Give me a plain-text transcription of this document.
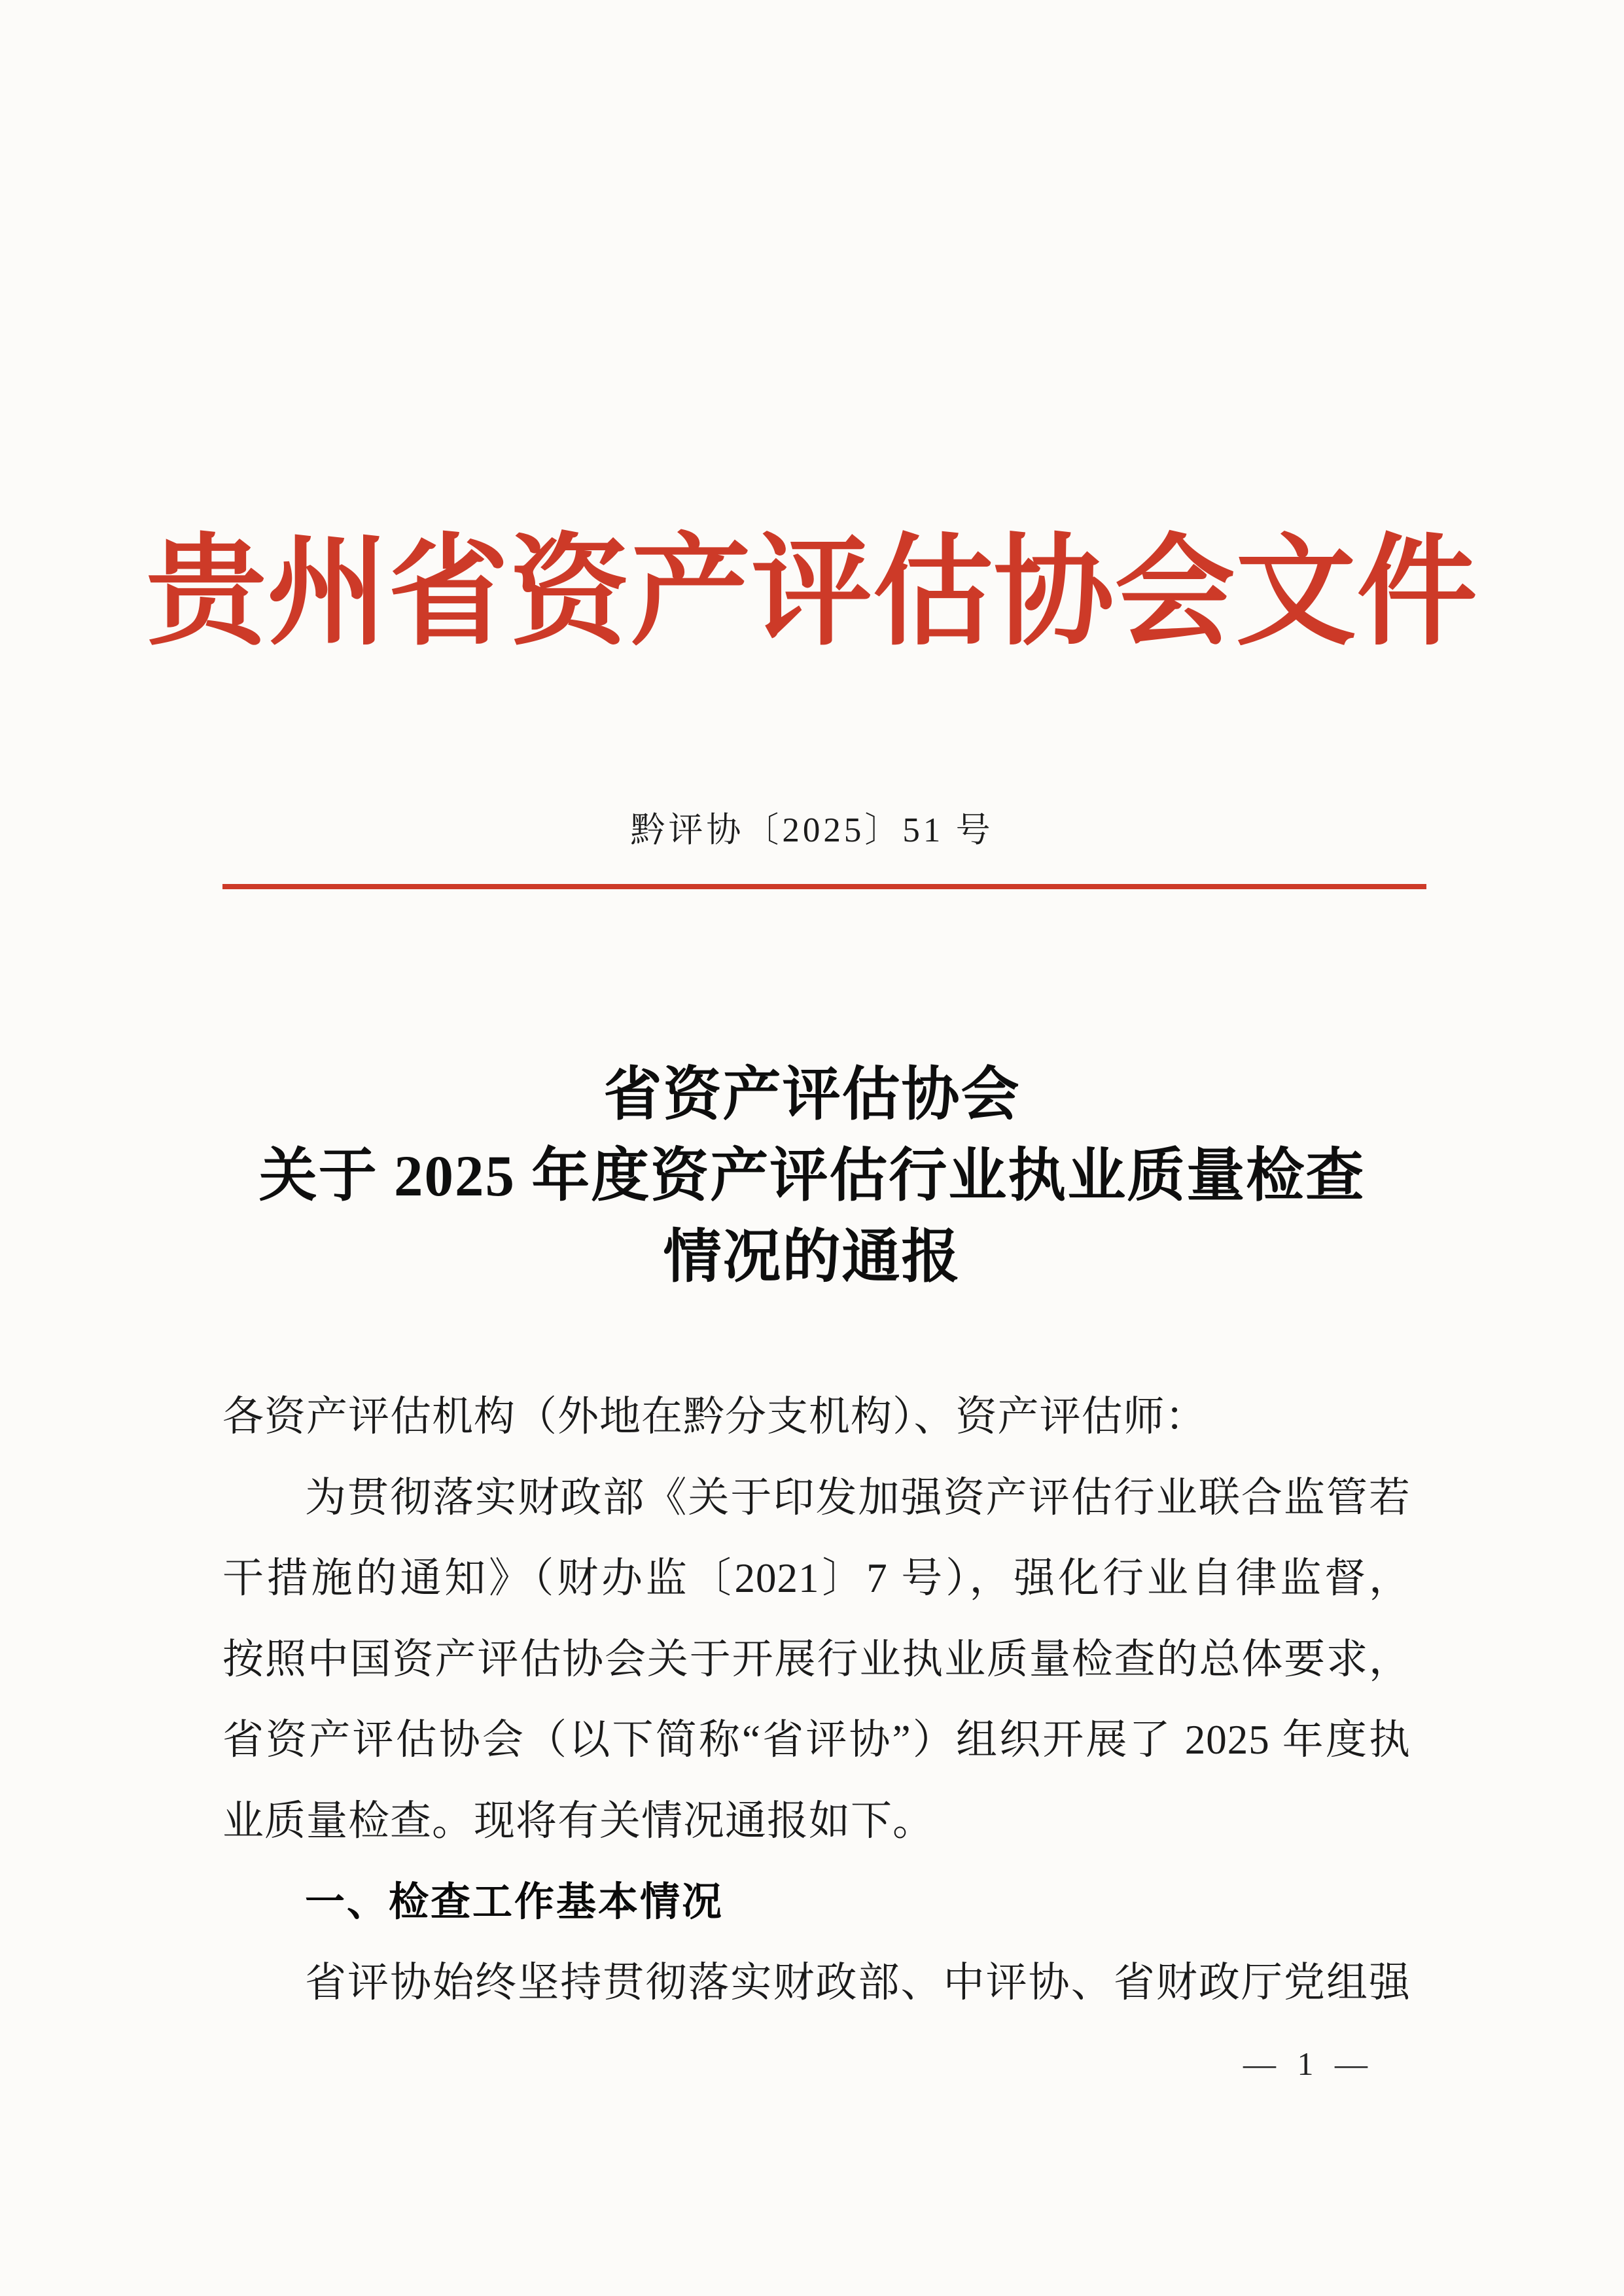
贵州省资产评估协会文件
黔评协〔2025〕51 号
省资产评估协会
关于 2025 年度资产评估行业执业质量检查
情况的通报
各资产评估机构（外地在黔分支机构）、资产评估师：
为贯彻落实财政部《关于印发加强资产评估行业联合监管若
干措施的通知》（财办监〔2021〕7 号），强化行业自律监督，
按照中国资产评估协会关于开展行业执业质量检查的总体要求，
省资产评估协会（以下简称“省评协”）组织开展了 2025 年度执
业质量检查。现将有关情况通报如下。
一、检查工作基本情况
省评协始终坚持贯彻落实财政部、中评协、省财政厅党组强
— 1 —
